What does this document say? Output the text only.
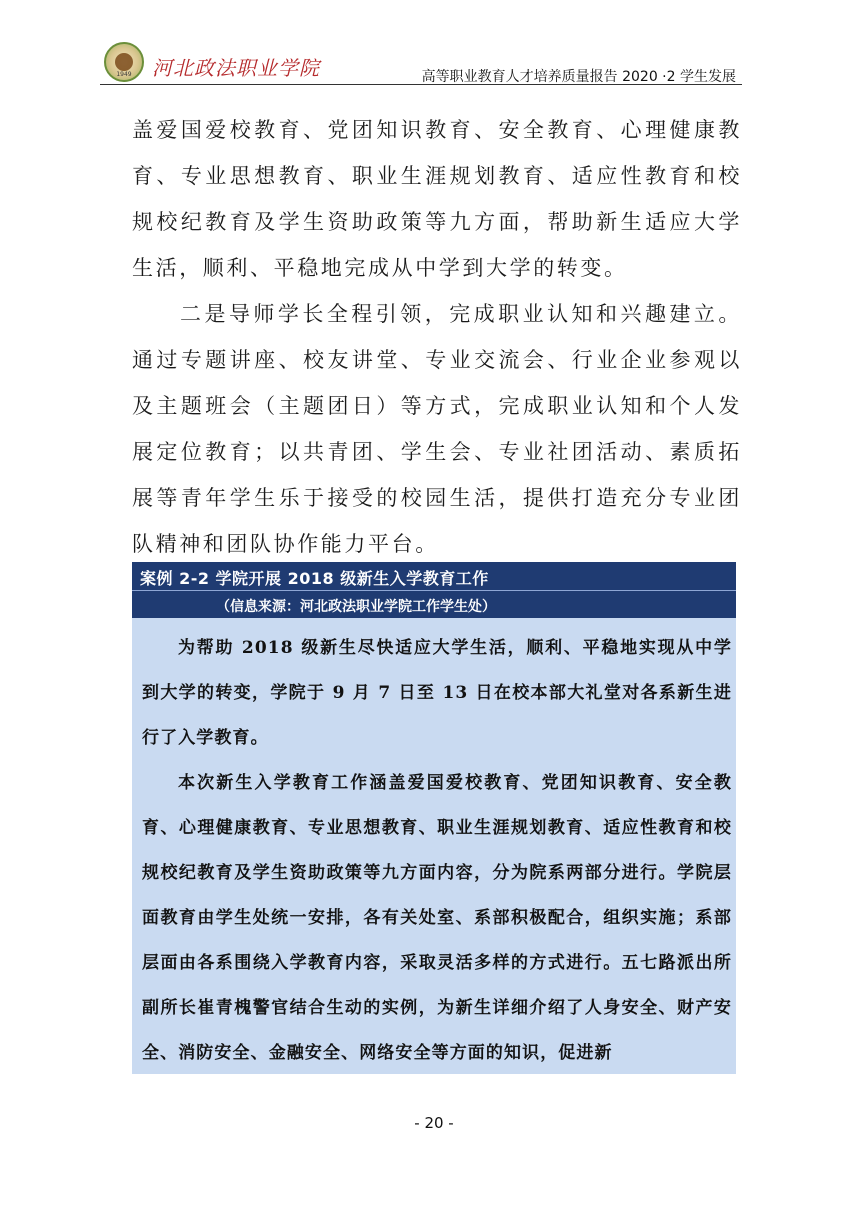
1949	河北政法职业学院	高等职业教育人才培养质量报告 2020 ·2 学生发展

盖爱国爱校教育、党团知识教育、安全教育、心理健康教育、专业思想教育、职业生涯规划教育、适应性教育和校规校纪教育及学生资助政策等九方面，帮助新生适应大学生活，顺利、平稳地完成从中学到大学的转变。

二是导师学长全程引领，完成职业认知和兴趣建立。通过专题讲座、校友讲堂、专业交流会、行业企业参观以及主题班会（主题团日）等方式，完成职业认知和个人发展定位教育；以共青团、学生会、专业社团活动、素质拓展等青年学生乐于接受的校园生活，提供打造充分专业团队精神和团队协作能力平台。

案例 2-2 学院开展 2018 级新生入学教育工作
（信息来源：河北政法职业学院工作学生处）

为帮助 2018 级新生尽快适应大学生活，顺利、平稳地实现从中学到大学的转变，学院于 9 月 7 日至 13 日在校本部大礼堂对各系新生进行了入学教育。

本次新生入学教育工作涵盖爱国爱校教育、党团知识教育、安全教育、心理健康教育、专业思想教育、职业生涯规划教育、适应性教育和校规校纪教育及学生资助政策等九方面内容，分为院系两部分进行。学院层面教育由学生处统一安排，各有关处室、系部积极配合，组织实施；系部层面由各系围绕入学教育内容，采取灵活多样的方式进行。五七路派出所副所长崔青槐警官结合生动的实例，为新生详细介绍了人身安全、财产安全、消防安全、金融安全、网络安全等方面的知识，促进新

- 20 -
